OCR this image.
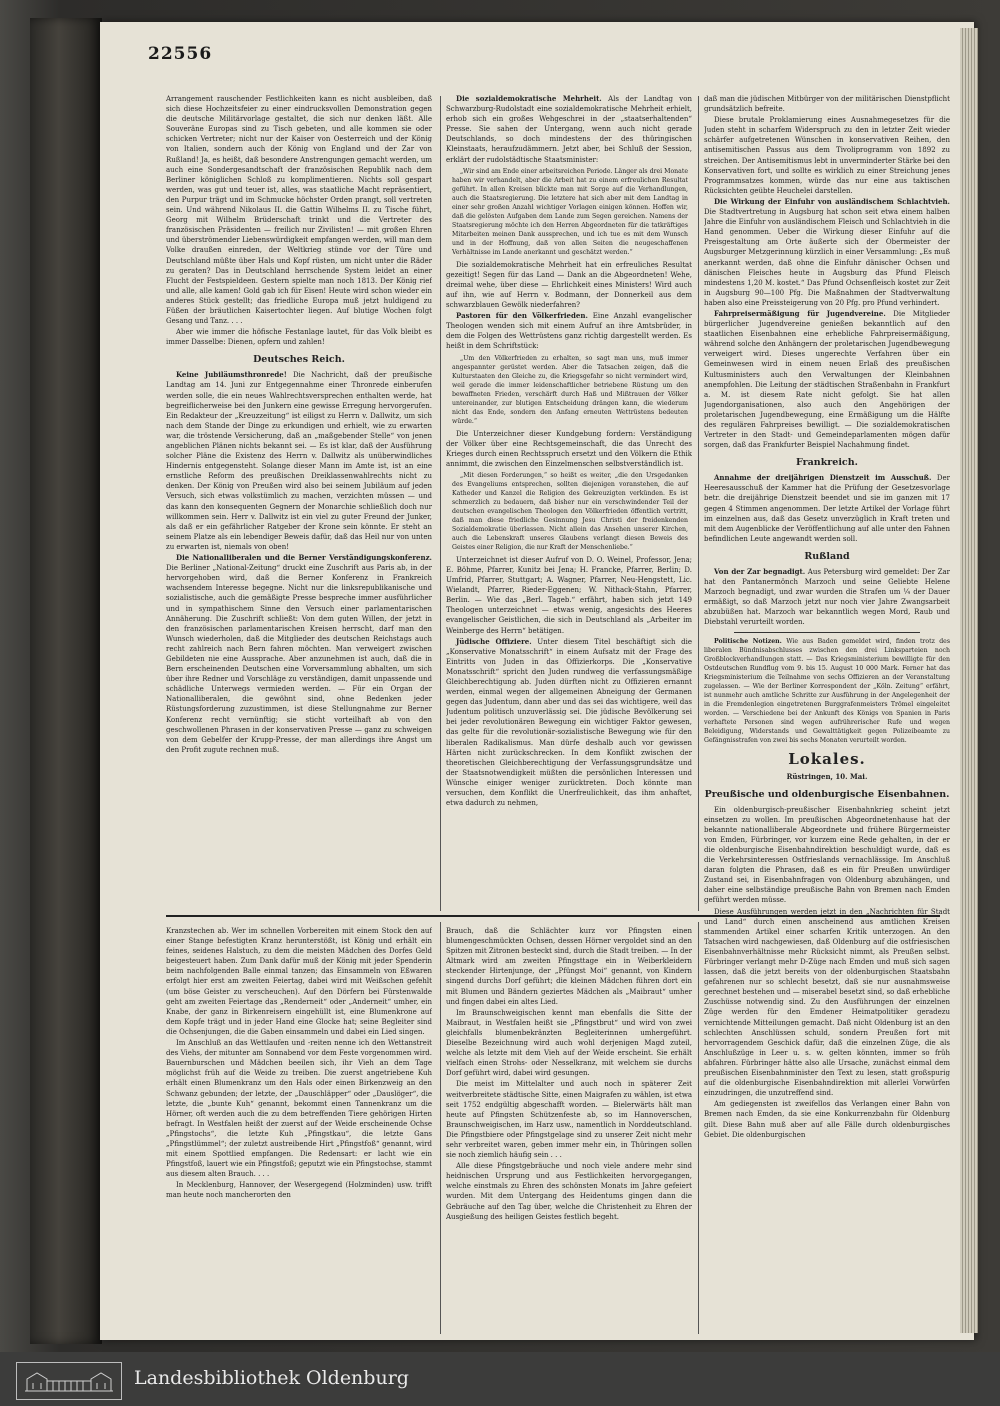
22556

Arrangement rauschender Festlichkeiten kann es nicht ausbleiben, daß sich diese Hochzeitsfeier zu einer eindrucksvollen Demonstration gegen die deutsche Militärvorlage gestaltet, die sich nur denken läßt. Alle Souveräne Europas sind zu Tisch gebeten, und alle kommen sie oder schicken Vertreter; nicht nur der Kaiser von Oesterreich und der König von Italien, sondern auch der König von England und der Zar von Rußland! Ja, es heißt, daß besondere Anstrengungen gemacht werden, um auch eine Sondergesandtschaft der französischen Republik nach dem Berliner königlichen Schloß zu komplimentieren. Nichts soll gespart werden, was gut und teuer ist, alles, was staatliche Macht repräsentiert, den Purpur trägt und im Schmucke höchster Orden prangt, soll vertreten sein. Und während Nikolaus II. die Gattin Wilhelms II. zu Tische führt, Georg mit Wilhelm Brüderschaft trinkt und die Vertreter des französischen Präsidenten — freilich nur Zivilisten! — mit großen Ehren und überströmender Liebenswürdigkeit empfangen werden, will man dem Volke draußen einreden, der Weltkrieg stünde vor der Türe und Deutschland müßte über Hals und Kopf rüsten, um nicht unter die Räder zu geraten? Das in Deutschland herrschende System leidet an einer Flucht der Festspieldeen. Gestern spielte man noch 1813. Der König rief und alle, alle kamen! Gold gab ich für Eisen! Heute wird schon wieder ein anderes Stück gestellt; das friedliche Europa muß jetzt huldigend zu Füßen der bräutlichen Kaisertochter liegen. Auf blutige Wochen folgt Gesang und Tanz. . . .

Aber wie immer die höfische Festanlage lautet, für das Volk bleibt es immer Dasselbe: Dienen, opfern und zahlen!

Deutsches Reich.

Keine Jubiläumsthronrede! Die Nachricht, daß der preußische Landtag am 14. Juni zur Entgegennahme einer Thronrede einberufen werden solle, die ein neues Wahlrechtsversprechen enthalten werde, hat begreiflicherweise bei den Junkern eine gewisse Erregung hervorgerufen. Ein Redakteur der „Kreuzzeitung“ ist eiligst zu Herrn v. Dallwitz, um sich nach dem Stande der Dinge zu erkundigen und erhielt, wie zu erwarten war, die tröstende Versicherung, daß an „maßgebender Stelle“ von jenen angeblichen Plänen nichts bekannt sei. — Es ist klar, daß der Ausführung solcher Pläne die Existenz des Herrn v. Dallwitz als unüberwindliches Hindernis entgegensteht. Solange dieser Mann im Amte ist, ist an eine ernstliche Reform des preußischen Dreiklassenwahlrechts nicht zu denken. Der König von Preußen wird also bei seinem Jubiläum auf jeden Versuch, sich etwas volkstümlich zu machen, verzichten müssen — und das kann den konsequenten Gegnern der Monarchie schließlich doch nur willkommen sein. Herr v. Dallwitz ist ein viel zu guter Freund der Junker, als daß er ein gefährlicher Ratgeber der Krone sein könnte. Er steht an seinem Platze als ein lebendiger Beweis dafür, daß das Heil nur von unten zu erwarten ist, niemals von oben!

Die Nationalliberalen und die Berner Verständigungskonferenz. Die Berliner „National-Zeitung“ druckt eine Zuschrift aus Paris ab, in der hervorgehoben wird, daß die Berner Konferenz in Frankreich wachsendem Interesse begegne. Nicht nur die linksrepublikanische und sozialistische, auch die gemäßigte Presse bespreche immer ausführlicher und in sympathischem Sinne den Versuch einer parlamentarischen Annäherung. Die Zuschrift schließt: Von dem guten Willen, der jetzt in den französischen parlamentarischen Kreisen herrscht, darf man den Wunsch wiederholen, daß die Mitglieder des deutschen Reichstags auch recht zahlreich nach Bern fahren möchten. Man verweigert zwischen Gebildeten nie eine Aussprache. Aber anzunehmen ist auch, daß die in Bern erscheinenden Deutschen eine Vorversammlung abhalten, um sich über ihre Redner und Vorschläge zu verständigen, damit unpassende und schädliche Unterwegs vermieden werden. — Für ein Organ der Nationalliberalen, die gewöhnt sind, ohne Bedenken jeder Rüstungsforderung zuzustimmen, ist diese Stellungnahme zur Berner Konferenz recht vernünftig; sie sticht vorteilhaft ab von den geschwollenen Phrasen in der konservativen Presse — ganz zu schweigen von dem Gebelfer der Krupp-Presse, der man allerdings ihre Angst um den Profit zugute rechnen muß.

Die sozialdemokratische Mehrheit. Als der Landtag von Schwarzburg-Rudolstadt eine sozialdemokratische Mehrheit erhielt, erhob sich ein großes Wehgeschrei in der „staatserhaltenden“ Presse. Sie sahen der Untergang, wenn auch nicht gerade Deutschlands, so doch mindestens der des thüringischen Kleinstaats, heraufzudämmern. Jetzt aber, bei Schluß der Session, erklärt der rudolstädtische Staatsminister:

„Wir sind am Ende einer arbeitsreichen Periode. Länger als drei Monate haben wir verhandelt, aber die Arbeit hat zu einem erfreulichen Resultat geführt. In allen Kreisen blickte man mit Sorge auf die Verhandlungen, auch die Staatsregierung. Die letztere hat sich aber mit dem Landtag in einer sehr großen Anzahl wichtiger Vorlagen einigen können. Hoffen wir, daß die gelösten Aufgaben dem Lande zum Segen gereichen. Namens der Staatsregierung möchte ich den Herren Abgeordneten für die tatkräftiges Mitarbeiten meinen Dank aussprechen, und ich tue es mit dem Wunsch und in der Hoffnung, daß von allen Seiten die neugeschaffenen Verhältnisse im Lande anerkannt und geschätzt werden.“

Die sozialdemokratische Mehrheit hat ein erfreuliches Resultat gezeitigt! Segen für das Land — Dank an die Abgeordneten! Wehe, dreimal wehe, über diese — Ehrlichkeit eines Ministers! Wird auch auf ihn, wie auf Herrn v. Bodmann, der Donnerkeil aus dem schwarzblauen Gewölk niederfahren?

Pastoren für den Völkerfrieden. Eine Anzahl evangelischer Theologen wenden sich mit einem Aufruf an ihre Amtsbrüder, in dem die Folgen des Wettrüstens ganz richtig dargestellt werden. Es heißt in dem Schriftstück:

„Um den Völkerfrieden zu erhalten, so sagt man uns, muß immer angespannter gerüstet werden. Aber die Tatsachen zeigen, daß die Kulturstaaten den Gleiche zu, die Kriegsgefahr so nicht vermindert wird, weil gerade die immer leidenschaftlicher betriebene Rüstung um den bewaffneten Frieden, verschärft durch Haß und Mißtrauen der Völker untereinander, zur blutigen Entscheidung drängen kann, die wiederum nicht das Ende, sondern den Anfang erneuten Wettrüstens bedeuten würde.“

Die Unterzeichner dieser Kundgebung fordern: Verständigung der Völker über eine Rechtsgemeinschaft, die das Unrecht des Krieges durch einen Rechtsspruch ersetzt und den Völkern die Ethik annimmt, die zwischen den Einzelmenschen selbstverständlich ist.

„Mit diesen Forderungen,“ so heißt es weiter, „die den Ursgedanken des Evangeliums entsprechen, sollten diejenigen voranstehen, die auf Katheder und Kanzel die Religion des Gekreuzigten verkünden. Es ist schmerzlich zu bedauern, daß bisher nur ein verschwindender Teil der deutschen evangelischen Theologen den Völkerfrieden öffentlich vertritt, daß man diese friedliche Gesinnung Jesu Christi der freidenkenden Sozialdemokratie überlassen. Nicht allein das Ansehen unserer Kirchen, auch die Lebenskraft unseres Glaubens verlangt diesen Beweis des Geistes einer Religion, die nur Kraft der Menschenliebe.“

Unterzeichnet ist dieser Aufruf von D. O. Weinel, Professor, Jena; E. Böhme, Pfarrer, Kunitz bei Jena; H. Francke, Pfarrer, Berlin; D. Umfrid, Pfarrer, Stuttgart; A. Wagner, Pfarrer, Neu-Hengstett, Lic. Wielandt, Pfarrer, Rieder-Eggenen; W. Nithack-Stahn, Pfarrer, Berlin. — Wie das „Berl. Tageb.“ erfährt, haben sich jetzt 149 Theologen unterzeichnet — etwas wenig, angesichts des Heeres evangelischer Geistlichen, die sich in Deutschland als „Arbeiter im Weinberge des Herrn“ betätigen.

Jüdische Offiziere. Unter diesem Titel beschäftigt sich die „Konservative Monatsschrift“ in einem Aufsatz mit der Frage des Eintritts von Juden in das Offizierkorps. Die „Konservative Monatsschrift“ spricht den Juden rundweg die verfassungsmäßige Gleichberechtigung ab. Juden dürften nicht zu Offizieren ernannt werden, einmal wegen der allgemeinen Abneigung der Germanen gegen das Judentum, dann aber und das sei das wichtigere, weil das Judentum politisch unzuverlässig sei. Die jüdische Bevölkerung sei bei jeder revolutionären Bewegung ein wichtiger Faktor gewesen, das gelte für die revolutionär-sozialistische Bewegung wie für den liberalen Radikalismus. Man dürfe deshalb auch vor gewissen Härten nicht zurückschrecken. In dem Konflikt zwischen der theoretischen Gleichberechtigung der Verfassungsgrundsätze und der Staatsnotwendigkeit müßten die persönlichen Interessen und Wünsche einiger weniger zurücktreten. Doch könnte man versuchen, dem Konflikt die Unerfreulichkeit, das ihm anhaftet, etwa dadurch zu nehmen,

daß man die jüdischen Mitbürger von der militärischen Dienstpflicht grundsätzlich befreite.

Diese brutale Proklamierung eines Ausnahmegesetzes für die Juden steht in scharfem Widerspruch zu den in letzter Zeit wieder schärfer aufgetretenen Wünschen in konservativen Reihen, den antisemitischen Passus aus dem Tivoliprogramm von 1892 zu streichen. Der Antisemitismus lebt in unverminderter Stärke bei den Konservativen fort, und sollte es wirklich zu einer Streichung jenes Programmsatzes kommen, würde das nur eine aus taktischen Rücksichten geübte Heuchelei darstellen.

Die Wirkung der Einfuhr von ausländischem Schlachtvieh. Die Stadtvertretung in Augsburg hat schon seit etwa einem halben Jahre die Einfuhr von ausländischem Fleisch und Schlachtvieh in die Hand genommen. Ueber die Wirkung dieser Einfuhr auf die Preisgestaltung am Orte äußerte sich der Obermeister der Augsburger Metzgerinnung kürzlich in einer Versammlung: „Es muß anerkannt werden, daß ohne die Einfuhr dänischer Ochsen und dänischen Fleisches heute in Augsburg das Pfund Fleisch mindestens 1,20 M. kostet.“ Das Pfund Ochsenfleisch kostet zur Zeit in Augsburg 90—100 Pfg. Die Maßnahmen der Stadtverwaltung haben also eine Preissteigerung von 20 Pfg. pro Pfund verhindert.

Fahrpreisermäßigung für Jugendvereine. Die Mitglieder bürgerlicher Jugendvereine genießen bekanntlich auf den staatlichen Eisenbahnen eine erhebliche Fahrpreisermäßigung, während solche den Anhängern der proletarischen Jugendbewegung verweigert wird. Dieses ungerechte Verfahren über ein Gemeinwesen wird in einem neuen Erlaß des preußischen Kultusministers auch den Verwaltungen der Kleinbahnen anempfohlen. Die Leitung der städtischen Straßenbahn in Frankfurt a. M. ist diesem Rate nicht gefolgt. Sie hat allen Jugendorganisationen, also auch den Angehörigen der proletarischen Jugendbewegung, eine Ermäßigung um die Hälfte des regulären Fahrpreises bewilligt. — Die sozialdemokratischen Vertreter in den Stadt- und Gemeindeparlamenten mögen dafür sorgen, daß das Frankfurter Beispiel Nachahmung findet.

Frankreich.

Annahme der dreijährigen Dienstzeit im Ausschuß. Der Heeresausschuß der Kammer hat die Prüfung der Gesetzesvorlage betr. die dreijährige Dienstzeit beendet und sie im ganzen mit 17 gegen 4 Stimmen angenommen. Der letzte Artikel der Vorlage führt im einzelnen aus, daß das Gesetz unverzüglich in Kraft treten und mit dem Augenblicke der Veröffentlichung auf alle unter den Fahnen befindlichen Leute angewandt werden soll.

Rußland

Von der Zar begnadigt. Aus Petersburg wird gemeldet: Der Zar hat den Pantanermönch Marzoch und seine Geliebte Helene Marzoch begnadigt, und zwar wurden die Strafen um ¼ der Dauer ermäßigt, so daß Marzoch jetzt nur noch vier Jahre Zwangsarbeit abzubüßen hat. Marzoch war bekanntlich wegen Mord, Raub und Diebstahl verurteilt worden.

Politische Notizen. Wie aus Baden gemeldet wird, finden trotz des liberalen Bündnisabschlusses zwischen den drei Linksparteien noch Großblockverhandlungen statt. — Das Kriegsministerium bewilligte für den Ostdeutschen Rundflug vom 9. bis 15. August 10 000 Mark. Ferner hat das Kriegsministerium die Teilnahme von sechs Offizieren an der Veranstaltung zugelassen. — Wie der Berliner Korrespondent der „Köln. Zeitung“ erfährt, ist nunmehr auch amtliche Schritte zur Ausführung in der Angelegenheit der in die Fremdenlegion eingetretenen Burggrafenmeisters Trömel eingeleitet worden. — Verschiedene bei der Ankunft des Königs von Spanien in Paris verhaftete Personen sind wegen aufrührerischer Rufe und wegen Beleidigung, Widerstands und Gewalttätigkeit gegen Polizeibeamte zu Gefängnisstrafen von zwei bis sechs Monaten verurteilt worden.

Lokales.

Rüstringen, 10. Mai.

Preußische und oldenburgische Eisenbahnen.

Ein oldenburgisch-preußischer Eisenbahnkrieg scheint jetzt einsetzen zu wollen. Im preußischen Abgeordnetenhause hat der bekannte nationalliberale Abgeordnete und frühere Bürgermeister von Emden, Fürbringer, vor kurzem eine Rede gehalten, in der er die oldenburgische Eisenbahndirektion beschuldigt wurde, daß es die Verkehrsinteressen Ostfrieslands vernachlässige. Im Anschluß daran folgten die Phrasen, daß es ein für Preußen unwürdiger Zustand sei, in Eisenbahnfragen von Oldenburg abzuhängen, und daher eine selbständige preußische Bahn von Bremen nach Emden geführt werden müsse.

Diese Ausführungen werden jetzt in den „Nachrichten für Stadt und Land“ durch einen anscheinend aus amtlichen Kreisen stammenden Artikel einer scharfen Kritik unterzogen. An den Tatsachen wird nachgewiesen, daß Oldenburg auf die ostfriesischen Eisenbahnverhältnisse mehr Rücksicht nimmt, als Preußen selbst. Fürbringer verlangt mehr D-Züge nach Emden und muß sich sagen lassen, daß die jetzt bereits von der oldenburgischen Staatsbahn gefahrenen nur so schlecht besetzt, daß sie nur ausnahmsweise gerechnet bestehen und — miserabel besetzt sind, so daß erhebliche Zuschüsse notwendig sind. Zu den Ausführungen der einzelnen Züge werden für den Emdener Heimatpolitiker geradezu vernichtende Mitteilungen gemacht. Daß nicht Oldenburg ist an den schlechten Anschlüssen schuld, sondern Preußen fort mit hervorragendem Geschick dafür, daß die einzelnen Züge, die als Anschlußzüge in Leer u. s. w. gelten könnten, immer so früh abfahren. Fürbringer hätte also alle Ursache, zunächst einmal dem preußischen Eisenbahnminister den Text zu lesen, statt großspurig auf die oldenburgische Eisenbahndirektion mit allerlei Vorwürfen einzudringen, die unzutreffend sind.

Am gediegensten ist zweifellos das Verlangen einer Bahn von Bremen nach Emden, da sie eine Konkurrenzbahn für Oldenburg gilt. Diese Bahn muß aber auf alle Fälle durch oldenburgisches Gebiet. Die oldenburgischen

Kranzstechen ab. Wer im schnellen Vorbereiten mit einem Stock den auf einer Stange befestigten Kranz herunterstößt, ist König und erhält ein feines, seidenes Halstuch, zu dem die meisten Mädchen des Dorfes Geld beigesteuert haben. Zum Dank dafür muß der König mit jeder Spenderin beim nachfolgenden Balle einmal tanzen; das Einsammeln von Eßwaren erfolgt hier erst am zweiten Feiertag, dabei wird mit Weißschen gefehlt (um böse Geister zu verscheuchen). Auf den Dörfern bei Fürstenwalde geht am zweiten Feiertage das „Renderneit“ oder „Anderneit“ umher, ein Knabe, der ganz in Birkenreisern eingehüllt ist, eine Blumenkrone auf dem Kopfe trägt und in jeder Hand eine Glocke hat; seine Begleiter sind die Ochsenjungen, die die Gaben einsammeln und dabei ein Lied singen.

Im Anschluß an das Wettlaufen und -reiten nenne ich den Wettanstreit des Viehs, der mitunter am Sonnabend vor dem Feste vorgenommen wird. Bauernburschen und Mädchen beeilen sich, ihr Vieh an dem Tage möglichst früh auf die Weide zu treiben. Die zuerst angetriebene Kuh erhält einen Blumenkranz um den Hals oder einen Birkenzweig an den Schwanz gebunden; der letzte, der „Dauschläpper“ oder „Dauslöger“, die letzte, die „bunte Kuh“ genannt, bekommt einen Tannenkranz um die Hörner, oft werden auch die zu dem betreffenden Tiere gehörigen Hirten befragt. In Westfalen heißt der zuerst auf der Weide erscheinende Ochse „Pfingstochs“, die letzte Kuh „Pfingstkau“, die letzte Gans „Pfingstlümmel“; der zuletzt austreibende Hirt „Pfingstfoß“ genannt, wird mit einem Spottlied empfangen. Die Redensart: er lacht wie ein Pfingstfoß, lauert wie ein Pfingstfoß; geputzt wie ein Pfingstochse, stammt aus diesem alten Brauch. . . .

In Mecklenburg, Hannover, der Wesergegend (Holzminden) usw. trifft man heute noch mancherorten den

Brauch, daß die Schlächter kurz vor Pfingsten einen blumengeschmückten Ochsen, dessen Hörner vergoldet sind an den Spitzen mit Zitronen besteckt sind, durch die Stadt treiben. — In der Altmark wird am zweiten Pfingsttage ein in Weiberkleidern steckender Hirtenjunge, der „Pfüngst Moi“ genannt, von Kindern singend durchs Dorf geführt; die kleinen Mädchen führen dort ein mit Blumen und Bändern geziertes Mädchen als „Maibraut“ umher und fingen dabei ein altes Lied.

Im Braunschweigischen kennt man ebenfalls die Sitte der Maibraut, in Westfalen heißt sie „Pfingstbrut“ und wird von zwei gleichfalls blumenbekränzten Begleiterinnen umhergeführt. Dieselbe Bezeichnung wird auch wohl derjenigen Magd zuteil, welche als letzte mit dem Vieh auf der Weide erscheint. Sie erhält vielfach einen Strohs- oder Nesselkranz, mit welchem sie durchs Dorf geführt wird, dabei wird gesungen.

Die meist im Mittelalter und auch noch in späterer Zeit weitverbreitete städtische Sitte, einen Maigrafen zu wählen, ist etwa seit 1752 endgültig abgeschafft worden. — Bielerwärts hält man heute auf Pfingsten Schützenfeste ab, so im Hannoverschen, Braunschweigischen, im Harz usw., namentlich in Norddeutschland. Die Pfingstbiere oder Pfingstgelage sind zu unserer Zeit nicht mehr sehr verbreitet waren, geben immer mehr ein, in Thüringen sollen sie noch ziemlich häufig sein . . .

Alle diese Pfingstgebräuche und noch viele andere mehr sind heidnischen Ursprung und aus Festlichkeiten hervorgegangen, welche einstmals zu Ehren des schönsten Monats im Jahre gefeiert wurden. Mit dem Untergang des Heidentums gingen dann die Gebräuche auf den Tag über, welche die Christenheit zu Ehren der Ausgießung des heiligen Geistes festlich begeht.

Landesbibliothek Oldenburg
